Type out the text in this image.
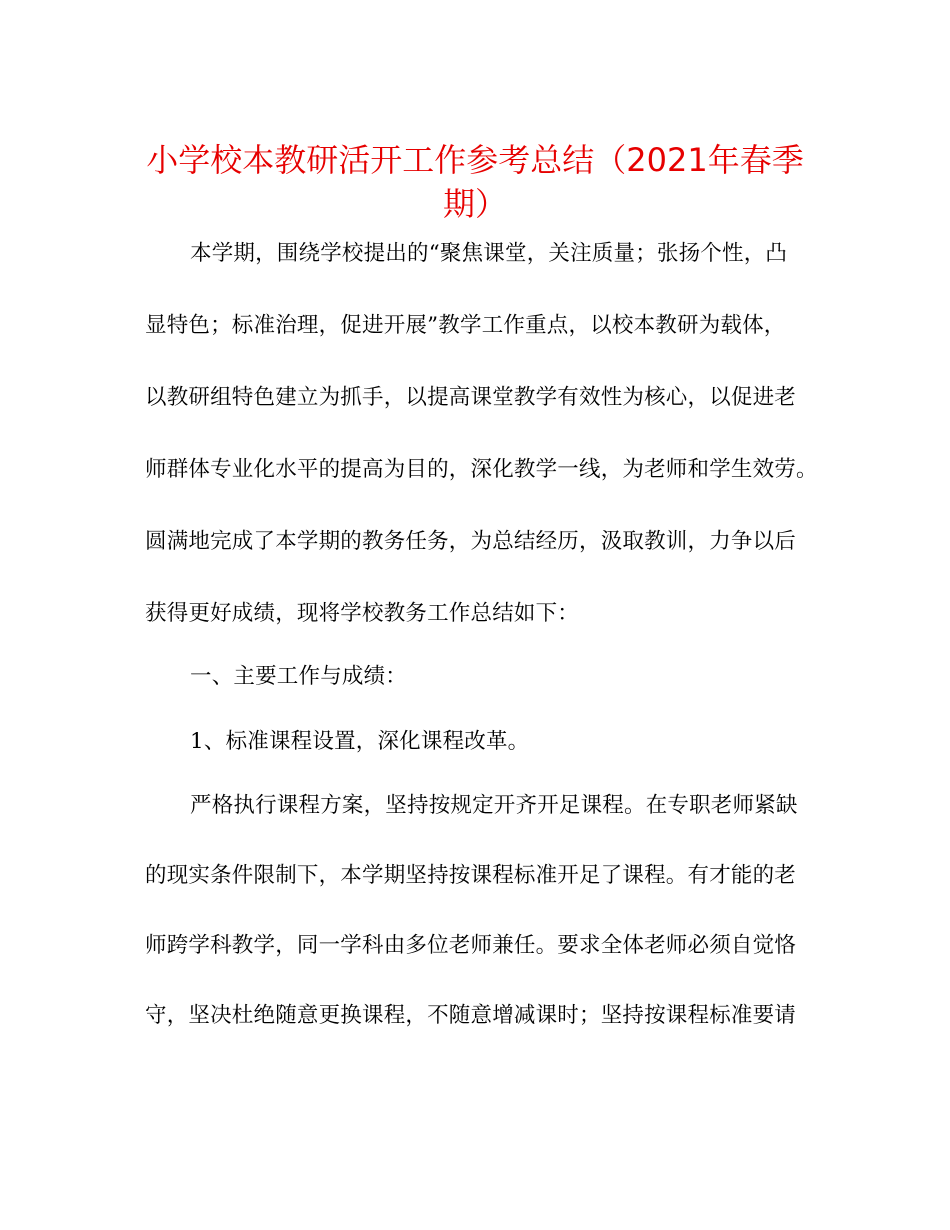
小学校本教研活开工作参考总结（2021年春季
期）
本学期，围绕学校提出的“聚焦课堂，关注质量；张扬个性，凸
显特色；标准治理，促进开展”教学工作重点，以校本教研为载体，
以教研组特色建立为抓手，以提高课堂教学有效性为核心，以促进老
师群体专业化水平的提高为目的，深化教学一线，为老师和学生效劳。
圆满地完成了本学期的教务任务，为总结经历，汲取教训，力争以后
获得更好成绩，现将学校教务工作总结如下：
一、主要工作与成绩：
1、标准课程设置，深化课程改革。
严格执行课程方案，坚持按规定开齐开足课程。在专职老师紧缺
的现实条件限制下，本学期坚持按课程标准开足了课程。有才能的老
师跨学科教学，同一学科由多位老师兼任。要求全体老师必须自觉恪
守，坚决杜绝随意更换课程，不随意增减课时；坚持按课程标准要请
